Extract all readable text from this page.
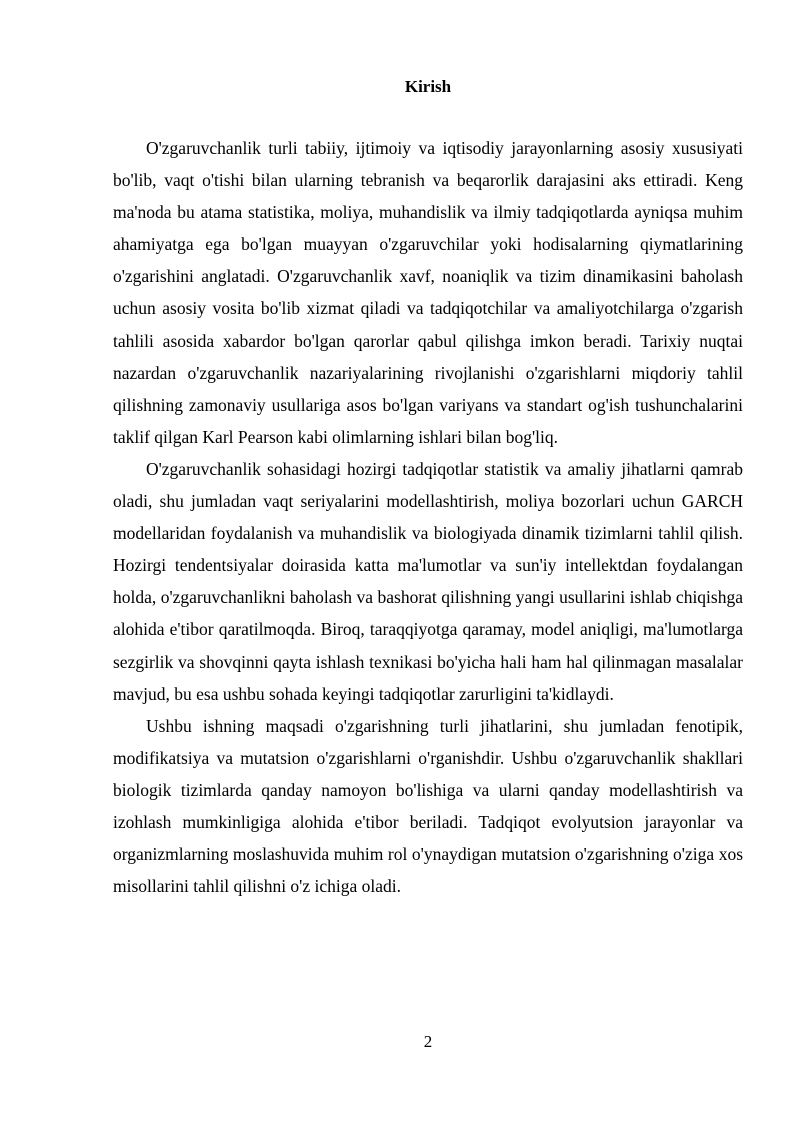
Kirish

O'zgaruvchanlik turli tabiiy, ijtimoiy va iqtisodiy jarayonlarning asosiy xususiyati bo'lib, vaqt o'tishi bilan ularning tebranish va beqarorlik darajasini aks ettiradi. Keng ma'noda bu atama statistika, moliya, muhandislik va ilmiy tadqiqotlarda ayniqsa muhim ahamiyatga ega bo'lgan muayyan o'zgaruvchilar yoki hodisalarning qiymatlarining o'zgarishini anglatadi. O'zgaruvchanlik xavf, noaniqlik va tizim dinamikasini baholash uchun asosiy vosita bo'lib xizmat qiladi va tadqiqotchilar va amaliyotchilarga o'zgarish tahlili asosida xabardor bo'lgan qarorlar qabul qilishga imkon beradi. Tarixiy nuqtai nazardan o'zgaruvchanlik nazariyalarining rivojlanishi o'zgarishlarni miqdoriy tahlil qilishning zamonaviy usullariga asos bo'lgan variyans va standart og'ish tushunchalarini taklif qilgan Karl Pearson kabi olimlarning ishlari bilan bog'liq.

O'zgaruvchanlik sohasidagi hozirgi tadqiqotlar statistik va amaliy jihatlarni qamrab oladi, shu jumladan vaqt seriyalarini modellashtirish, moliya bozorlari uchun GARCH modellaridan foydalanish va muhandislik va biologiyada dinamik tizimlarni tahlil qilish. Hozirgi tendentsiyalar doirasida katta ma'lumotlar va sun'iy intellektdan foydalangan holda, o'zgaruvchanlikni baholash va bashorat qilishning yangi usullarini ishlab chiqishga alohida e'tibor qaratilmoqda. Biroq, taraqqiyotga qaramay, model aniqligi, ma'lumotlarga sezgirlik va shovqinni qayta ishlash texnikasi bo'yicha hali ham hal qilinmagan masalalar mavjud, bu esa ushbu sohada keyingi tadqiqotlar zarurligini ta'kidlaydi.

Ushbu ishning maqsadi o'zgarishning turli jihatlarini, shu jumladan fenotipik, modifikatsiya va mutatsion o'zgarishlarni o'rganishdir. Ushbu o'zgaruvchanlik shakllari biologik tizimlarda qanday namoyon bo'lishiga va ularni qanday modellashtirish va izohlash mumkinligiga alohida e'tibor beriladi. Tadqiqot evolyutsion jarayonlar va organizmlarning moslashuvida muhim rol o'ynaydigan mutatsion o'zgarishning o'ziga xos misollarini tahlil qilishni o'z ichiga oladi.

2
